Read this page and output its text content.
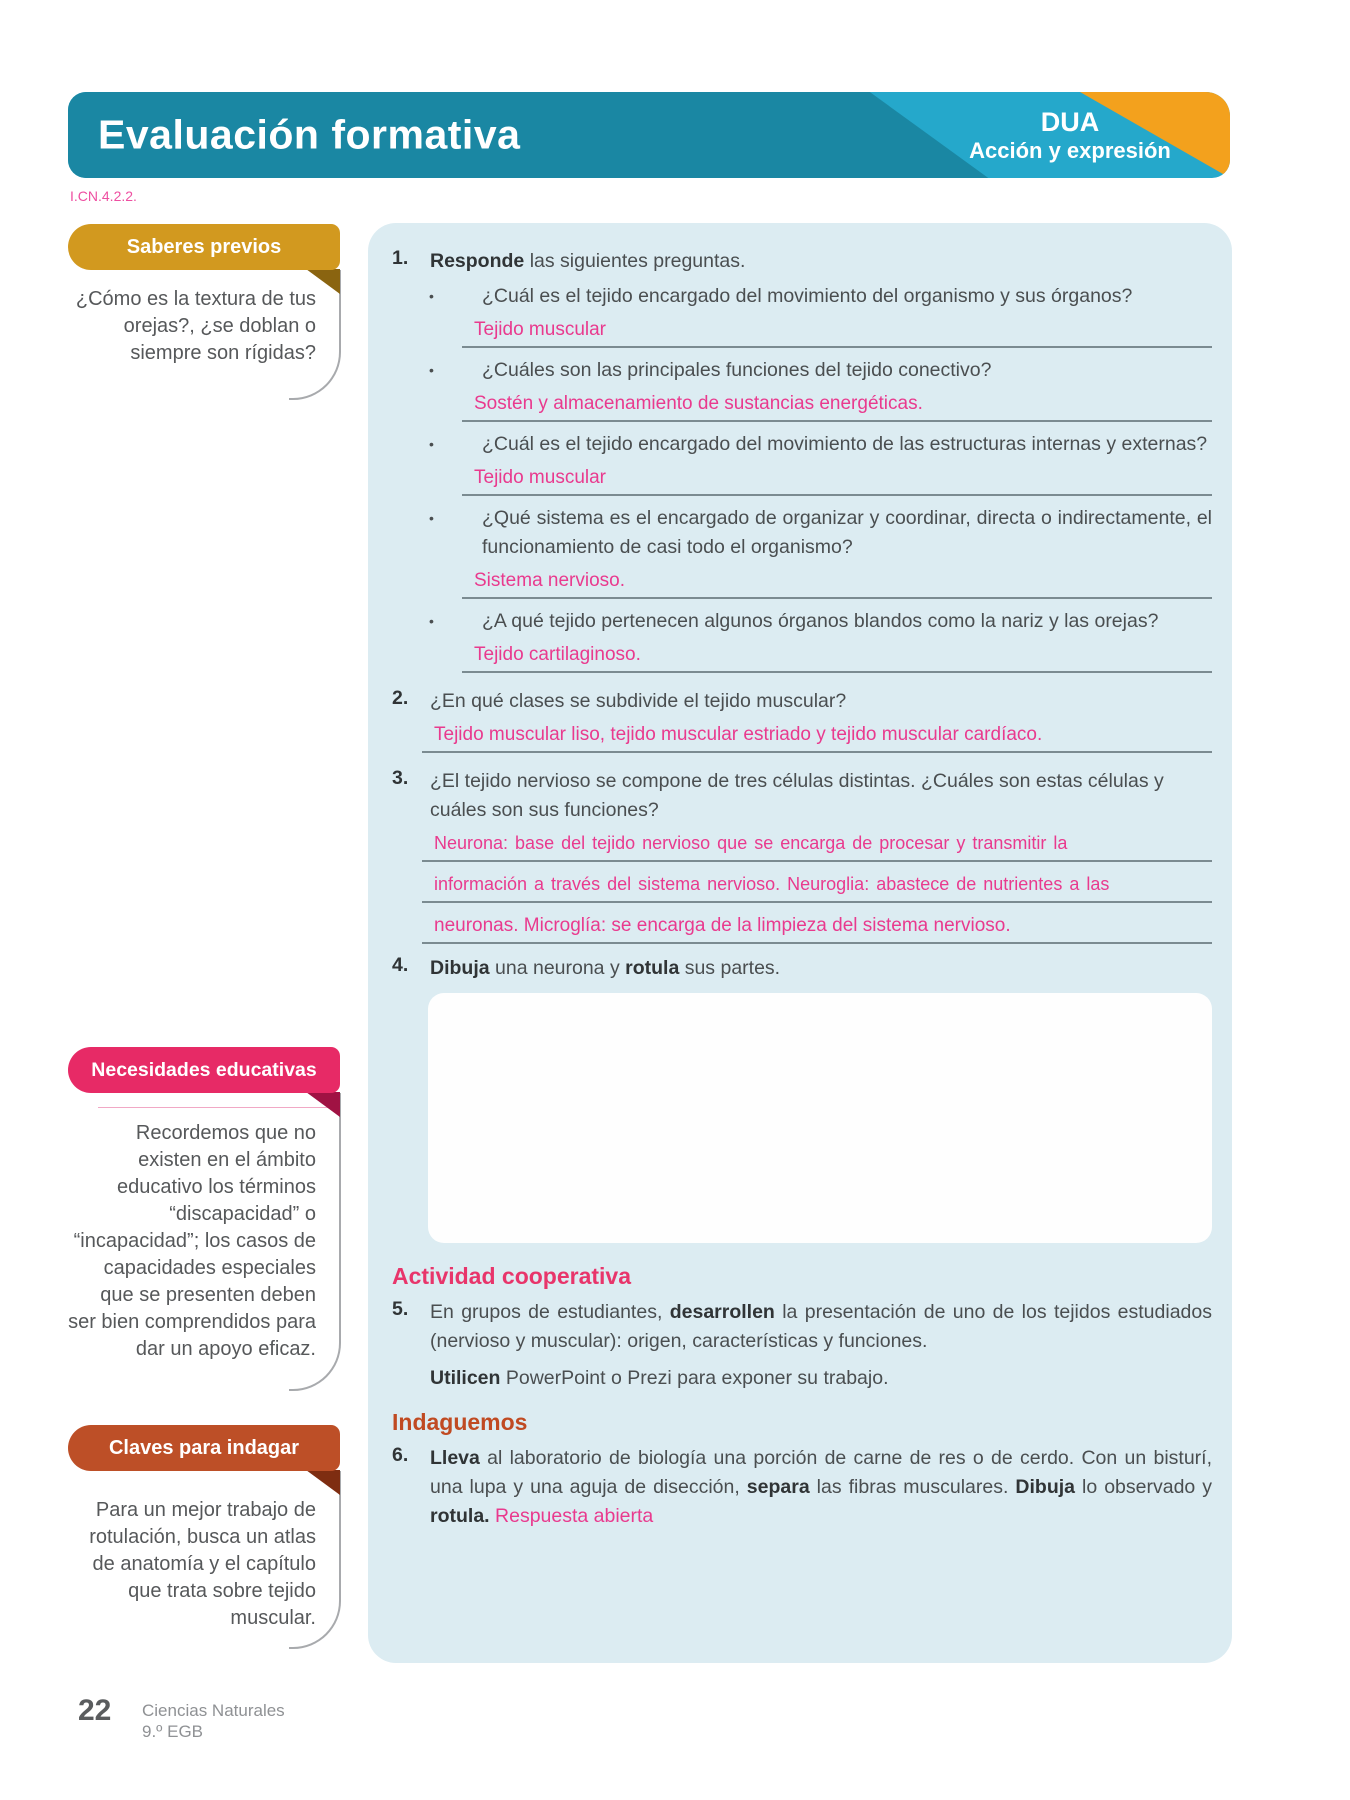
Evaluación formativa	DUA
Acción y expresión
I.CN.4.2.2.
Saberes previos

¿Cómo es la textura de tus orejas?, ¿se doblan o siempre son rígidas?

Necesidades educativas

Recordemos que no existen en el ámbito educativo los términos “discapacidad” o “incapacidad”; los casos de capacidades especiales que se presenten deben ser bien comprendidos para dar un apoyo eficaz.

Claves para indagar

Para un mejor trabajo de rotulación, busca un atlas de anatomía y el capítulo que trata sobre tejido muscular.

1.	Responde las siguientes preguntas.
•	¿Cuál es el tejido encargado del movimiento del organismo y sus órganos?
Tejido muscular
•	¿Cuáles son las principales funciones del tejido conectivo?
Sostén y almacenamiento de sustancias energéticas.
•	¿Cuál es el tejido encargado del movimiento de las estructuras internas y externas?
Tejido muscular
•	¿Qué sistema es el encargado de organizar y coordinar, directa o indirectamente, el funcionamiento de casi todo el organismo?
Sistema nervioso.
•	¿A qué tejido pertenecen algunos órganos blandos como la nariz y las orejas?
Tejido cartilaginoso.
2.	¿En qué clases se subdivide el tejido muscular?
Tejido muscular liso, tejido muscular estriado y tejido muscular cardíaco.
3.	¿El tejido nervioso se compone de tres células distintas. ¿Cuáles son estas células y cuáles son sus funciones?
Neurona: base del tejido nervioso que se encarga de procesar y transmitir la
información a través del sistema nervioso. Neuroglia: abastece de nutrientes a las
neuronas. Microglía: se encarga de la limpieza del sistema nervioso.
4.	Dibuja una neurona y rotula sus partes.
Actividad cooperativa
5.	En grupos de estudiantes, desarrollen la presentación de uno de los tejidos estudiados (nervioso y muscular): origen, características y funciones.
Utilicen PowerPoint o Prezi para exponer su trabajo.
Indaguemos
6.	Lleva al laboratorio de biología una porción de carne de res o de cerdo. Con un bisturí, una lupa y una aguja de disección, separa las fibras musculares. Dibuja lo observado y rotula. Respuesta abierta
22 Ciencias Naturales
9.º EGB
